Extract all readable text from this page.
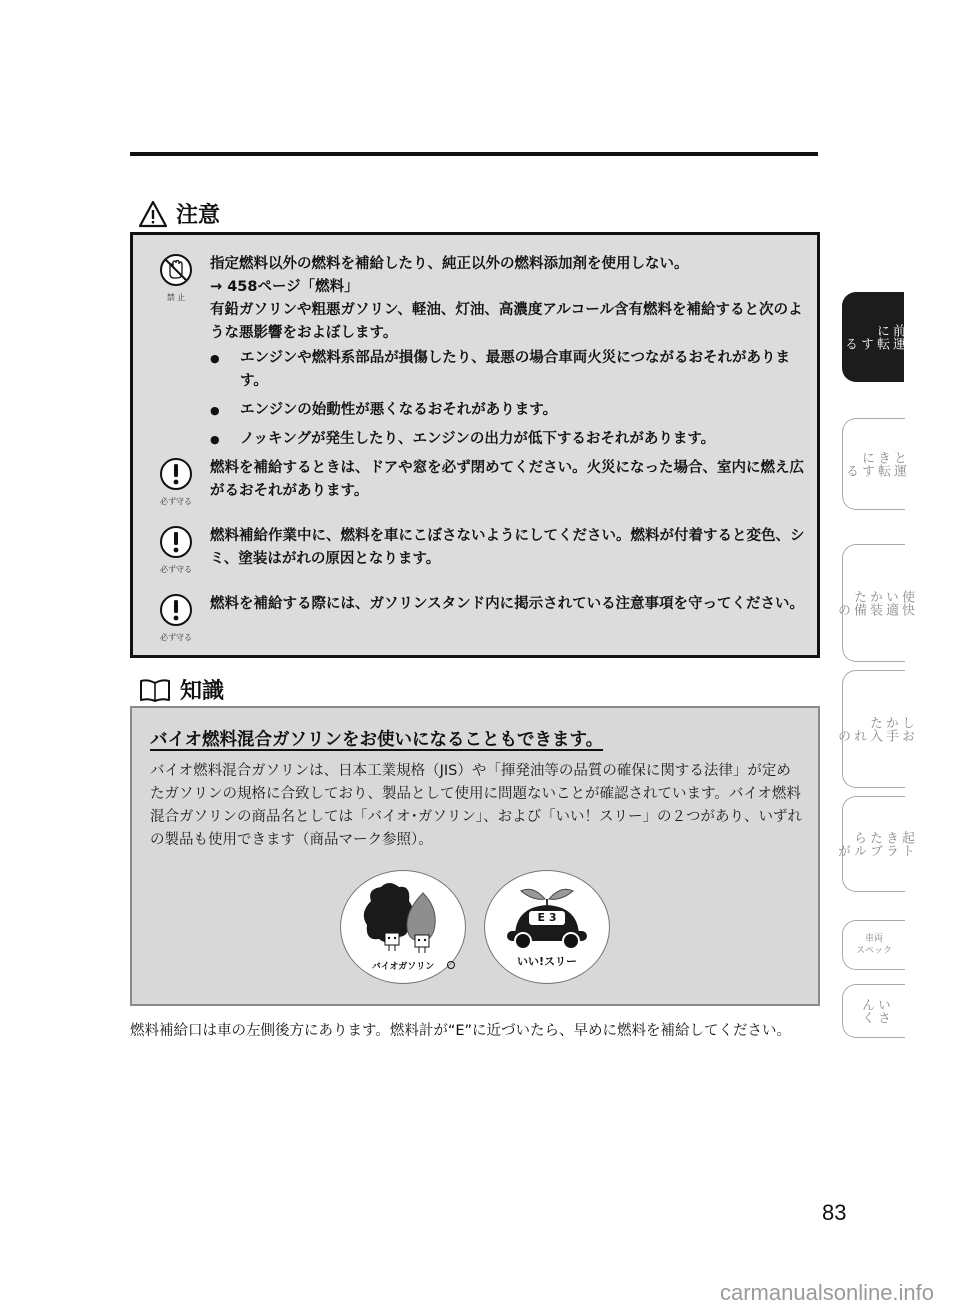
注意
禁 止

指定燃料以外の燃料を補給したり、純正以外の燃料添加剤を使用しない。

→ 458ページ「燃料」

有鉛ガソリンや粗悪ガソリン、軽油、灯油、高濃度アルコール含有燃料を補給すると次のような悪影響をおよぼします。

● エンジンや燃料系部品が損傷したり、最悪の場合車両火災につながるおそれがあります。

● エンジンの始動性が悪くなるおそれがあります。

● ノッキングが発生したり、エンジンの出力が低下するおそれがあります。

必ず守る
燃料を補給するときは、ドアや窓を必ず閉めてください。火災になった場合、室内に燃え広がるおそれがあります。
必ず守る
燃料補給作業中に、燃料を車にこぼさないようにしてください。燃料が付着すると変色、シミ、塗装はがれの原因となります。
必ず守る
燃料を補給する際には、ガソリンスタンド内に掲示されている注意事項を守ってください。
知識
バイオ燃料混合ガソリンをお使いになることもできます。
バイオ燃料混合ガソリンは、日本工業規格（JIS）や「揮発油等の品質の確保に関する法律」が定めたガソリンの規格に合致しており、製品として使用に問題ないことが確認されています。バイオ燃料混合ガソリンの商品名としては「バイオ･ガソリン」、および「いい！スリー」の２つがあり、いずれの製品も使用できます（商品マーク参照）。
バイオガソリン
E 3
いい!スリー
燃料補給口は車の左側後方にあります。燃料計が“E”に近づいたら、早めに燃料を補給してください。
83
carmanualsonline.info
前運
に転
　す
　る
と運
き転
にす
　る
使快
い適
か装
た備
　の
しお
か手
た入
　れ
　の
起ト
きラ
たブ
らル
　が
車両
スペック
いさ
んく
